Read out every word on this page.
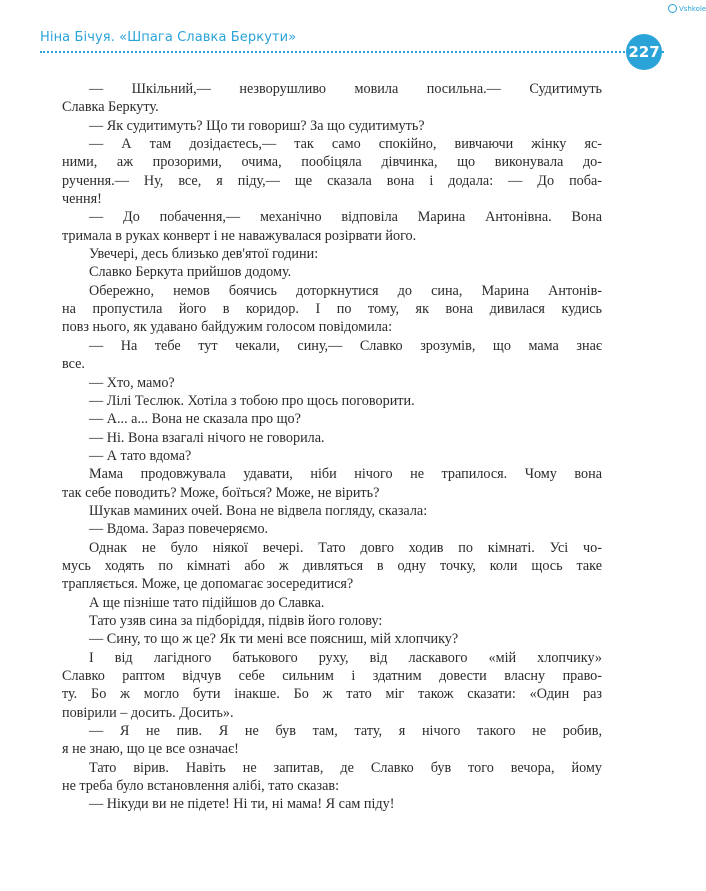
Vshkole
Ніна Бічуя. «Шпага Славка Беркути»
227
— Шкільний,— незворушливо мовила посильна.— Судитимуть
Славка Беркуту.
— Як судитимуть? Що ти говориш? За що судитимуть?
— А там дозідаєтесь,— так само спокійно, вивчаючи жінку яс-
ними, аж прозорими, очима, пообіцяла дівчинка, що виконувала до-
ручення.— Ну, все, я піду,— ще сказала вона і додала: — До поба-
чення!
— До побачення,— механічно відповіла Марина Антонівна. Вона
тримала в руках конверт і не наважувалася розірвати його.
Увечері, десь близько дев'ятої години:
Славко Беркута прийшов додому.
Обережно, немов боячись доторкнутися до сина, Марина Антонів-
на пропустила його в коридор. І по тому, як вона дивилася кудись
повз нього, як удавано байдужим голосом повідомила:
— На тебе тут чекали, сину,— Славко зрозумів, що мама знає
все.
— Хто, мамо?
— Лілі Теслюк. Хотіла з тобою про щось поговорити.
— А... а... Вона не сказала про що?
— Ні. Вона взагалі нічого не говорила.
— А тато вдома?
Мама продовжувала удавати, ніби нічого не трапилося. Чому вона
так себе поводить? Може, боїться? Може, не вірить?
Шукав маминих очей. Вона не відвела погляду, сказала:
— Вдома. Зараз повечеряємо.
Однак не було ніякої вечері. Тато довго ходив по кімнаті. Усі чо-
мусь ходять по кімнаті або ж дивляться в одну точку, коли щось таке
трапляється. Може, це допомагає зосередитися?
А ще пізніше тато підійшов до Славка.
Тато узяв сина за підборіддя, підвів його голову:
— Сину, то що ж це? Як ти мені все поясниш, мій хлопчику?
І від лагідного батькового руху, від ласкавого «мій хлопчику»
Славко раптом відчув себе сильним і здатним довести власну право-
ту. Бо ж могло бути інакше. Бо ж тато міг також сказати: «Один раз
повірили – досить. Досить».
— Я не пив. Я не був там, тату, я нічого такого не робив,
я не знаю, що це все означає!
Тато вірив. Навіть не запитав, де Славко був того вечора, йому
не треба було встановлення алібі, тато сказав:
— Нікуди ви не підете! Ні ти, ні мама! Я сам піду!
